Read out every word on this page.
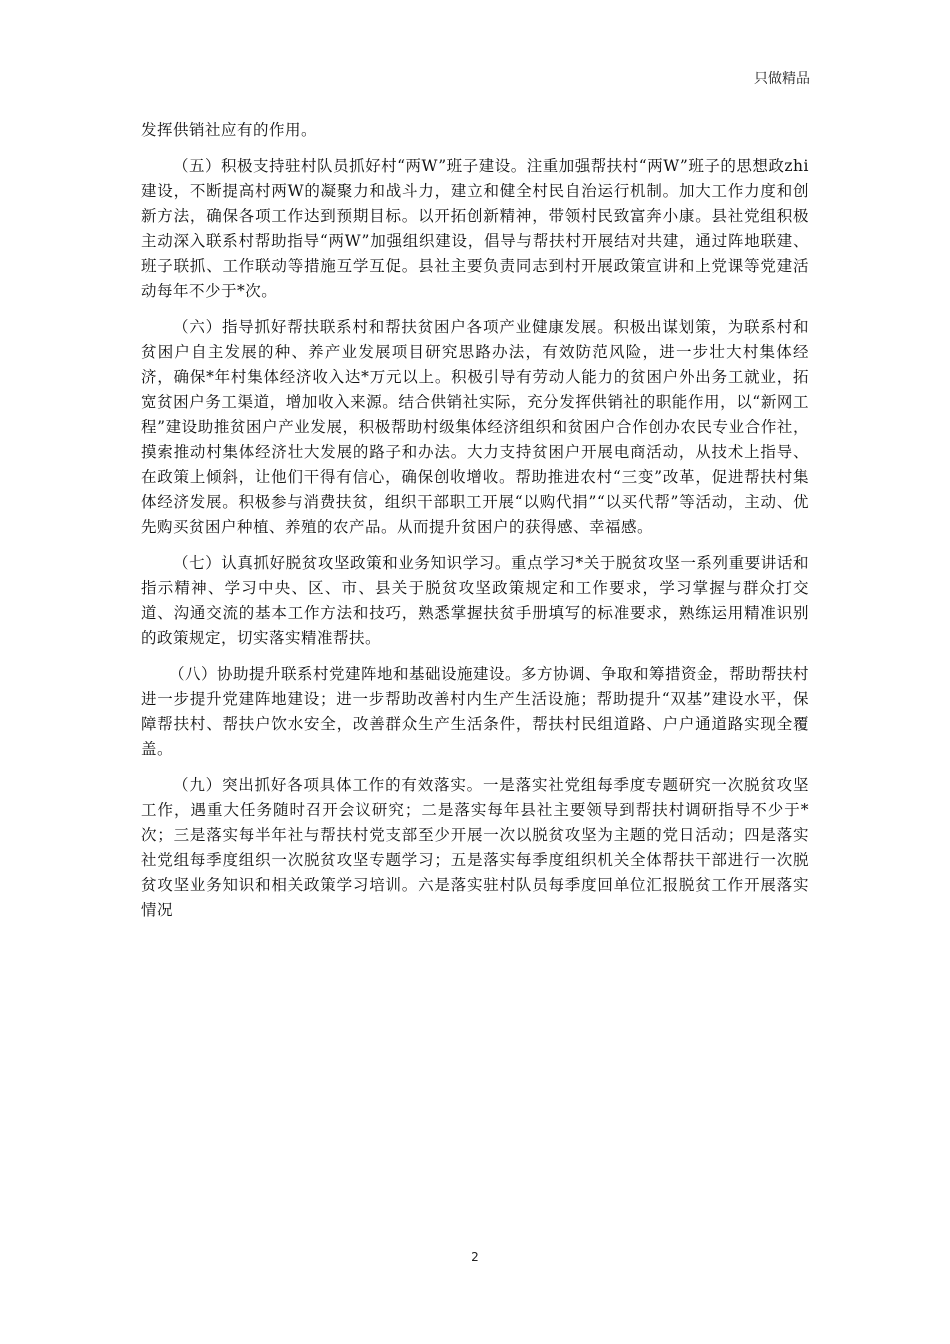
只做精品

发挥供销社应有的作用。

（五）积极支持驻村队员抓好村“两W”班子建设。注重加强帮扶村“两W”班子的思想政zhi建设，不断提高村两W的凝聚力和战斗力，建立和健全村民自治运行机制。加大工作力度和创新方法，确保各项工作达到预期目标。以开拓创新精神，带领村民致富奔小康。县社党组积极主动深入联系村帮助指导“两W”加强组织建设，倡导与帮扶村开展结对共建，通过阵地联建、班子联抓、工作联动等措施互学互促。县社主要负责同志到村开展政策宣讲和上党课等党建活动每年不少于*次。

（六）指导抓好帮扶联系村和帮扶贫困户各项产业健康发展。积极出谋划策，为联系村和贫困户自主发展的种、养产业发展项目研究思路办法，有效防范风险，进一步壮大村集体经济，确保*年村集体经济收入达*万元以上。积极引导有劳动人能力的贫困户外出务工就业，拓宽贫困户务工渠道，增加收入来源。结合供销社实际，充分发挥供销社的职能作用，以“新网工程”建设助推贫困户产业发展，积极帮助村级集体经济组织和贫困户合作创办农民专业合作社，摸索推动村集体经济壮大发展的路子和办法。大力支持贫困户开展电商活动，从技术上指导、在政策上倾斜，让他们干得有信心，确保创收增收。帮助推进农村“三变”改革，促进帮扶村集体经济发展。积极参与消费扶贫，组织干部职工开展“以购代捐”“以买代帮”等活动，主动、优先购买贫困户种植、养殖的农产品。从而提升贫困户的获得感、幸福感。

（七）认真抓好脱贫攻坚政策和业务知识学习。重点学习*关于脱贫攻坚一系列重要讲话和指示精神、学习中央、区、市、县关于脱贫攻坚政策规定和工作要求，学习掌握与群众打交道、沟通交流的基本工作方法和技巧，熟悉掌握扶贫手册填写的标准要求，熟练运用精准识别的政策规定，切实落实精准帮扶。

（八）协助提升联系村党建阵地和基础设施建设。多方协调、争取和筹措资金，帮助帮扶村进一步提升党建阵地建设；进一步帮助改善村内生产生活设施；帮助提升“双基”建设水平，保障帮扶村、帮扶户饮水安全，改善群众生产生活条件，帮扶村民组道路、户户通道路实现全覆盖。

（九）突出抓好各项具体工作的有效落实。一是落实社党组每季度专题研究一次脱贫攻坚工作，遇重大任务随时召开会议研究；二是落实每年县社主要领导到帮扶村调研指导不少于*次；三是落实每半年社与帮扶村党支部至少开展一次以脱贫攻坚为主题的党日活动；四是落实社党组每季度组织一次脱贫攻坚专题学习；五是落实每季度组织机关全体帮扶干部进行一次脱贫攻坚业务知识和相关政策学习培训。六是落实驻村队员每季度回单位汇报脱贫工作开展落实情况

2
